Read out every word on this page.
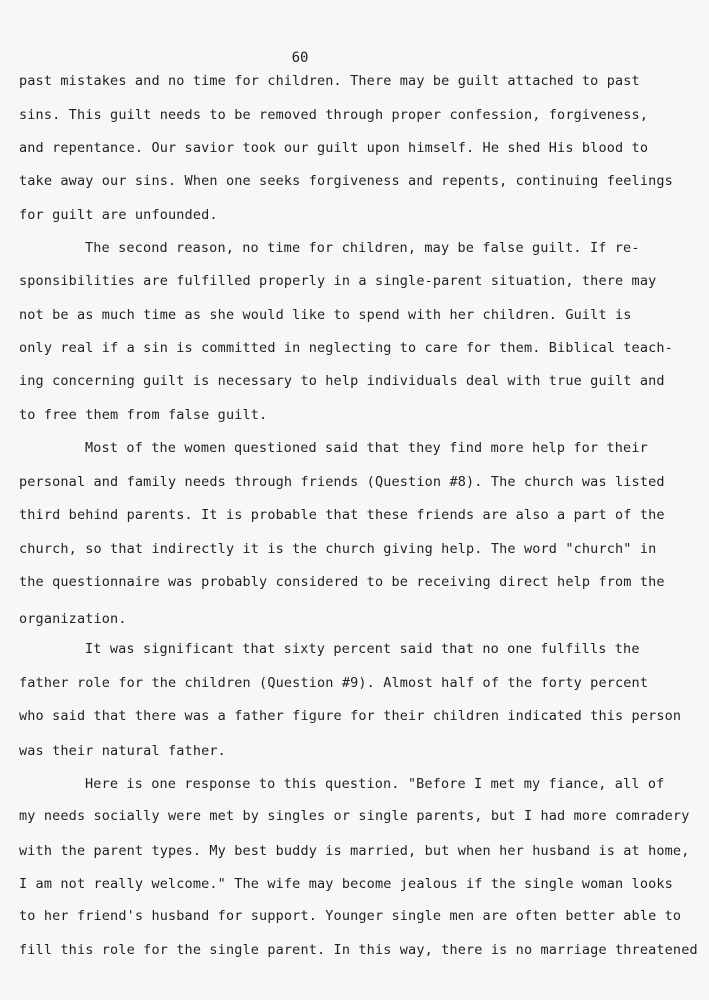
60
past mistakes and no time for children. There may be guilt attached to past
sins. This guilt needs to be removed through proper confession, forgiveness,
and repentance. Our savior took our guilt upon himself. He shed His blood to
take away our sins. When one seeks forgiveness and repents, continuing feelings
for guilt are unfounded.
The second reason, no time for children, may be false guilt. If re-
sponsibilities are fulfilled properly in a single-parent situation, there may
not be as much time as she would like to spend with her children. Guilt is
only real if a sin is committed in neglecting to care for them. Biblical teach-
ing concerning guilt is necessary to help individuals deal with true guilt and
to free them from false guilt.
Most of the women questioned said that they find more help for their
personal and family needs through friends (Question #8). The church was listed
third behind parents. It is probable that these friends are also a part of the
church, so that indirectly it is the church giving help. The word "church" in
the questionnaire was probably considered to be receiving direct help from the
organization.
It was significant that sixty percent said that no one fulfills the
father role for the children (Question #9). Almost half of the forty percent
who said that there was a father figure for their children indicated this person
was their natural father.
Here is one response to this question. "Before I met my fiance, all of
my needs socially were met by singles or single parents, but I had more comradery
with the parent types. My best buddy is married, but when her husband is at home,
I am not really welcome." The wife may become jealous if the single woman looks
to her friend's husband for support. Younger single men are often better able to
fill this role for the single parent. In this way, there is no marriage threatened
